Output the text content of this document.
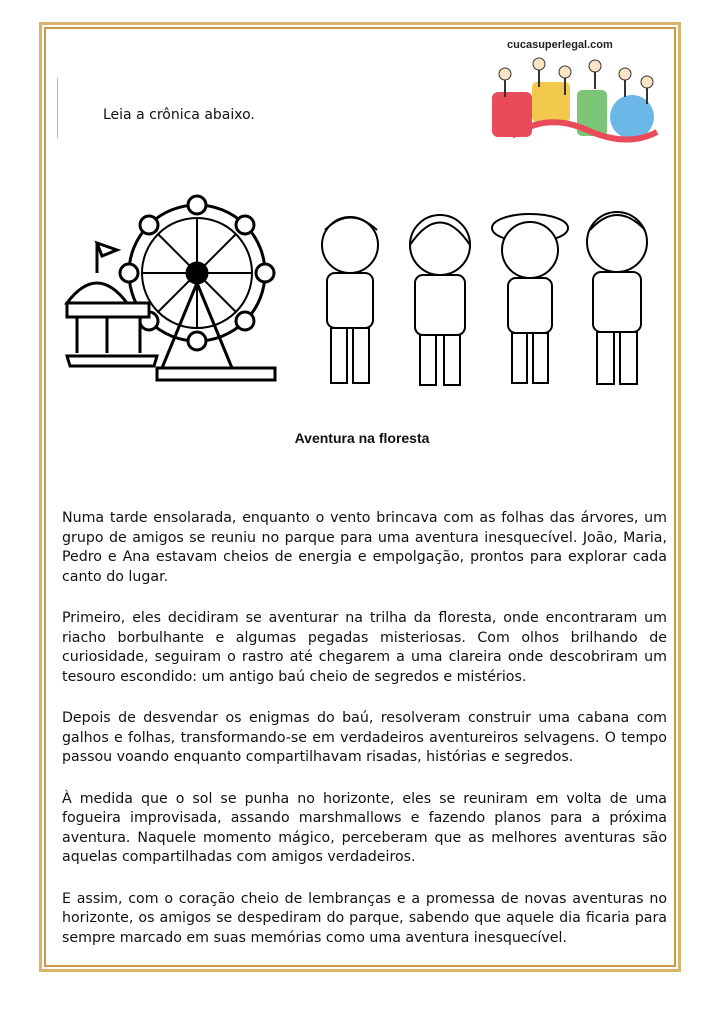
Leia a crônica abaixo.
cucasuperlegal.com
Aventura na floresta

Numa tarde ensolarada, enquanto o vento brincava com as folhas das árvores, um grupo de amigos se reuniu no parque para uma aventura inesquecível. João, Maria, Pedro e Ana estavam cheios de energia e empolgação, prontos para explorar cada canto do lugar.

Primeiro, eles decidiram se aventurar na trilha da floresta, onde encontraram um riacho borbulhante e algumas pegadas misteriosas. Com olhos brilhando de curiosidade, seguiram o rastro até chegarem a uma clareira onde descobriram um tesouro escondido: um antigo baú cheio de segredos e mistérios.

Depois de desvendar os enigmas do baú, resolveram construir uma cabana com galhos e folhas, transformando-se em verdadeiros aventureiros selvagens. O tempo passou voando enquanto compartilhavam risadas, histórias e segredos.

À medida que o sol se punha no horizonte, eles se reuniram em volta de uma fogueira improvisada, assando marshmallows e fazendo planos para a próxima aventura. Naquele momento mágico, perceberam que as melhores aventuras são aquelas compartilhadas com amigos verdadeiros.

E assim, com o coração cheio de lembranças e a promessa de novas aventuras no horizonte, os amigos se despediram do parque, sabendo que aquele dia ficaria para sempre marcado em suas memórias como uma aventura inesquecível.
